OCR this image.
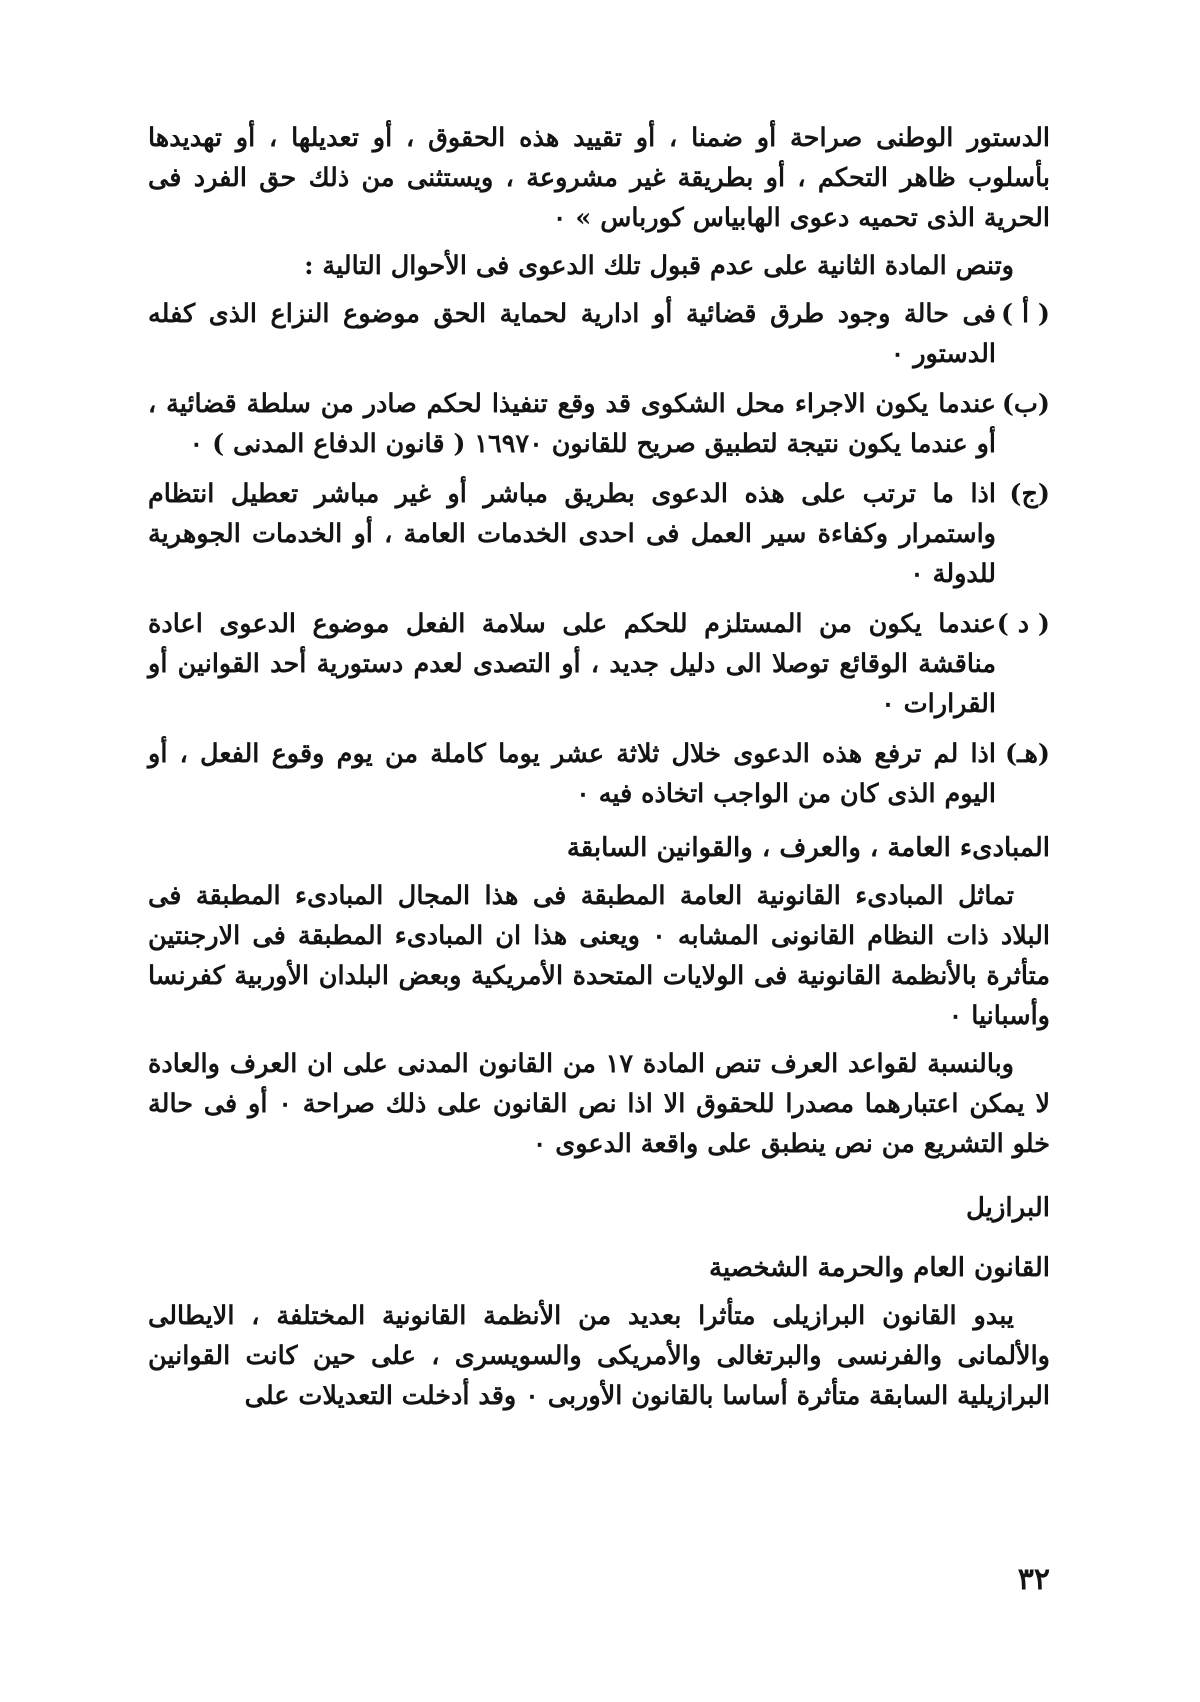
الدستور الوطنى صراحة أو ضمنا ، أو تقييد هذه الحقوق ، أو تعديلها ، أو تهديدها بأسلوب ظاهر التحكم ، أو بطريقة غير مشروعة ، ويستثنى من ذلك حق الفرد فى الحرية الذى تحميه دعوى الهابياس كورباس » ٠

وتنص المادة الثانية على عدم قبول تلك الدعوى فى الأحوال التالية :

( أ )
فى حالة وجود طرق قضائية أو ادارية لحماية الحق موضوع النزاع الذى كفله الدستور ٠
(ب)
عندما يكون الاجراء محل الشكوى قد وقع تنفيذا لحكم صادر من سلطة قضائية ، أو عندما يكون نتيجة لتطبيق صريح للقانون ١٦٩٧٠ ( قانون الدفاع المدنى ) ٠
(ج)
اذا ما ترتب على هذه الدعوى بطريق مباشر أو غير مباشر تعطيل انتظام واستمرار وكفاءة سير العمل فى احدى الخدمات العامة ، أو الخدمات الجوهرية للدولة ٠
( د )
عندما يكون من المستلزم للحكم على سلامة الفعل موضوع الدعوى اعادة مناقشة الوقائع توصلا الى دليل جديد ، أو التصدى لعدم دستورية أحد القوانين أو القرارات ٠
(هـ)
اذا لم ترفع هذه الدعوى خلال ثلاثة عشر يوما كاملة من يوم وقوع الفعل ، أو اليوم الذى كان من الواجب اتخاذه فيه ٠
المبادىء العامة ، والعرف ، والقوانين السابقة

تماثل المبادىء القانونية العامة المطبقة فى هذا المجال المبادىء المطبقة فى البلاد ذات النظام القانونى المشابه ٠ ويعنى هذا ان المبادىء المطبقة فى الارجنتين متأثرة بالأنظمة القانونية فى الولايات المتحدة الأمريكية وبعض البلدان الأوربية كفرنسا وأسبانيا ٠

وبالنسبة لقواعد العرف تنص المادة ١٧ من القانون المدنى على ان العرف والعادة لا يمكن اعتبارهما مصدرا للحقوق الا اذا نص القانون على ذلك صراحة ٠ أو فى حالة خلو التشريع من نص ينطبق على واقعة الدعوى ٠

البرازيل
القانون العام والحرمة الشخصية

يبدو القانون البرازيلى متأثرا بعديد من الأنظمة القانونية المختلفة ، الايطالى والألمانى والفرنسى والبرتغالى والأمريكى والسويسرى ، على حين كانت القوانين البرازيلية السابقة متأثرة أساسا بالقانون الأوربى ٠ وقد أدخلت التعديلات على

٣٢
